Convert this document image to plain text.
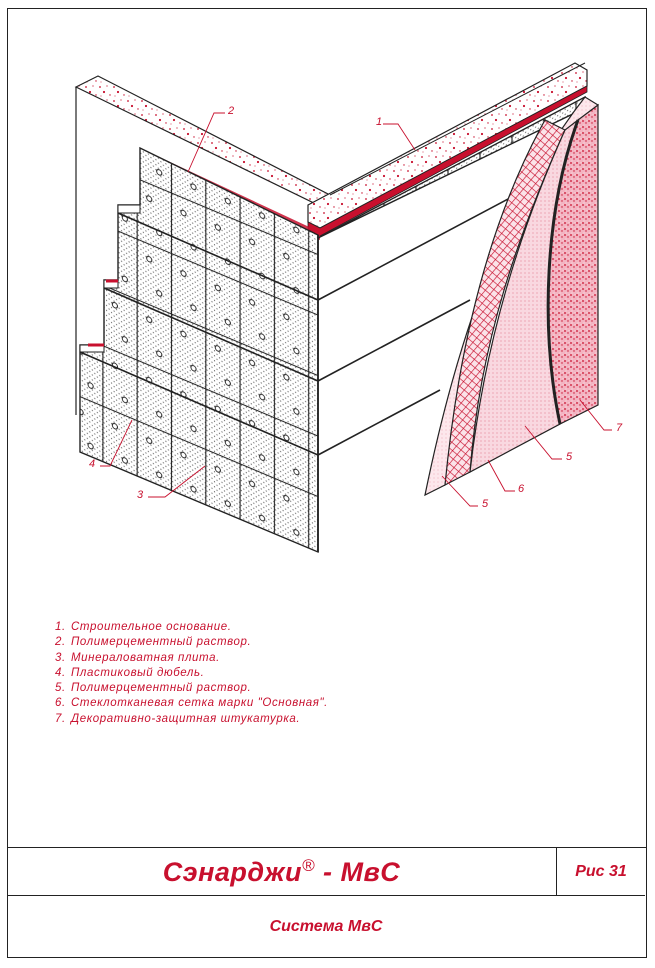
1
2
3
4
5
5
6
7
1. Строительное основание.
2. Полимерцементный раствор.
3. Минераловатная плита.
4. Пластиковый дюбель.
5. Полимерцементный раствор.
6. Стеклотканевая сетка марки "Основная".
7. Декоративно-защитная штукатурка.
Сэнарджи® - МвС	Рис 31
Система МвС
